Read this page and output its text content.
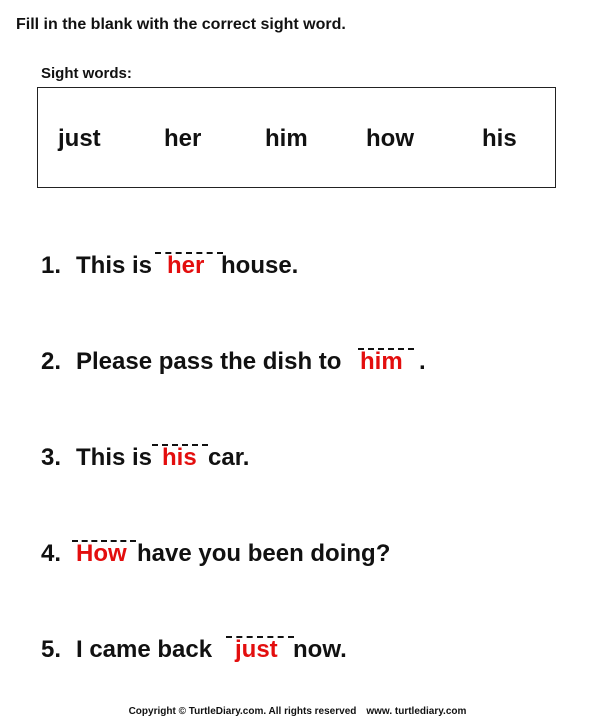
Fill in the blank with the correct sight word.
Sight words:
just	her	him how	his
1. This is her house.
2. Please pass the dish to him .
3. This is his car.
4. How have you been doing?
5. I came back just now.
Copyright © TurtleDiary.com. All rights reserved www. turtlediary.com
